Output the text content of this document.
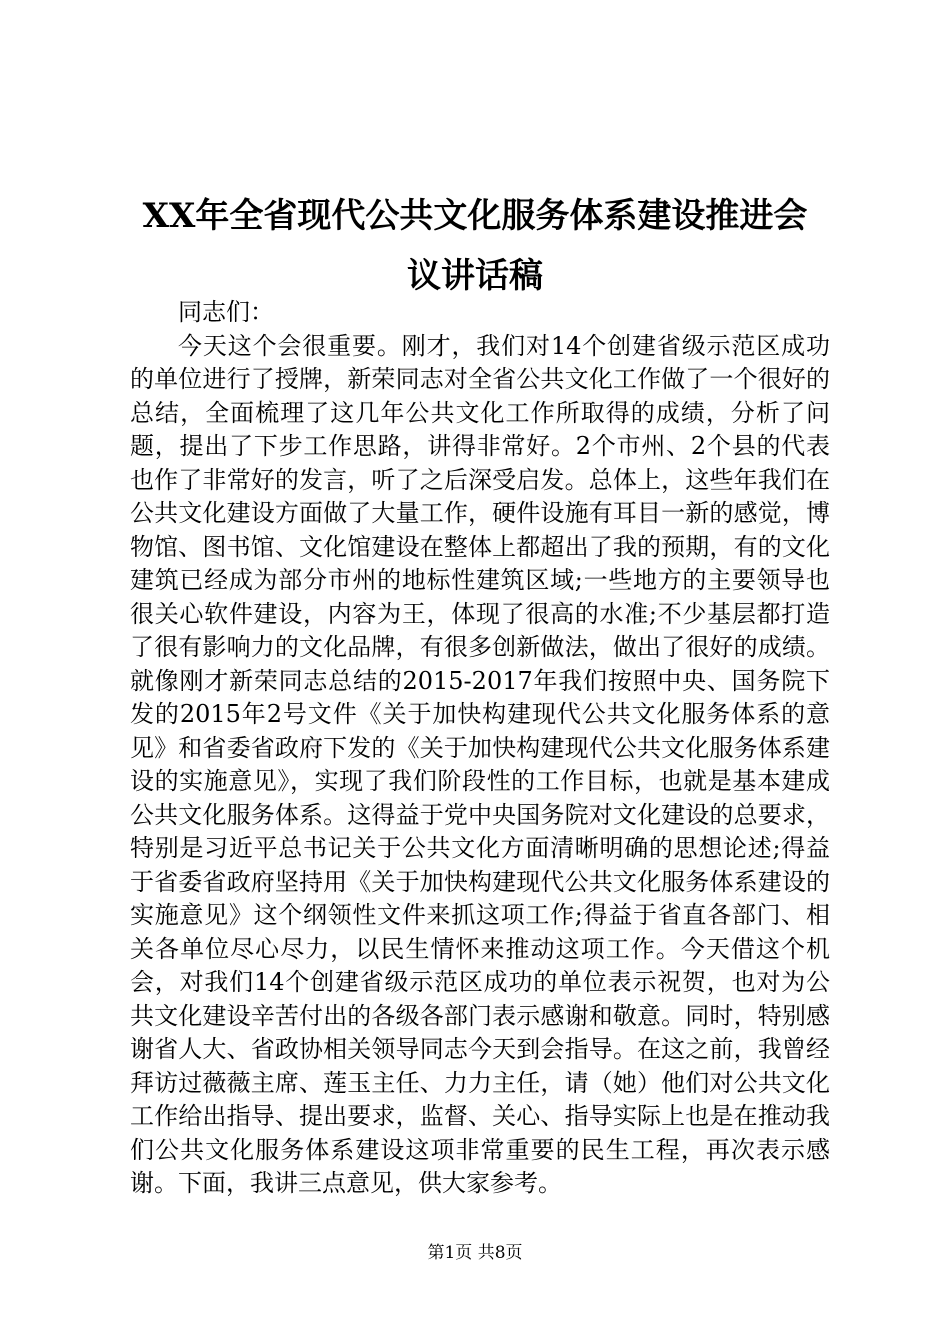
XX年全省现代公共文化服务体系建设推进会
议讲话稿

同志们：

今天这个会很重要。刚才，我们对14个创建省级示范区成功的单位进行了授牌，新荣同志对全省公共文化工作做了一个很好的总结，全面梳理了这几年公共文化工作所取得的成绩，分析了问题，提出了下步工作思路，讲得非常好。2个市州、2个县的代表也作了非常好的发言，听了之后深受启发。总体上，这些年我们在公共文化建设方面做了大量工作，硬件设施有耳目一新的感觉，博物馆、图书馆、文化馆建设在整体上都超出了我的预期，有的文化建筑已经成为部分市州的地标性建筑区域;一些地方的主要领导也很关心软件建设，内容为王，体现了很高的水准;不少基层都打造了很有影响力的文化品牌，有很多创新做法，做出了很好的成绩。就像刚才新荣同志总结的2015-2017年我们按照中央、国务院下发的2015年2号文件《关于加快构建现代公共文化服务体系的意见》和省委省政府下发的《关于加快构建现代公共文化服务体系建设的实施意见》，实现了我们阶段性的工作目标，也就是基本建成公共文化服务体系。这得益于党中央国务院对文化建设的总要求，特别是习近平总书记关于公共文化方面清晰明确的思想论述;得益于省委省政府坚持用《关于加快构建现代公共文化服务体系建设的实施意见》这个纲领性文件来抓这项工作;得益于省直各部门、相关各单位尽心尽力，以民生情怀来推动这项工作。今天借这个机会，对我们14个创建省级示范区成功的单位表示祝贺，也对为公共文化建设辛苦付出的各级各部门表示感谢和敬意。同时，特别感谢省人大、省政协相关领导同志今天到会指导。在这之前，我曾经拜访过薇薇主席、莲玉主任、力力主任，请（她）他们对公共文化工作给出指导、提出要求，监督、关心、指导实际上也是在推动我们公共文化服务体系建设这项非常重要的民生工程，再次表示感谢。下面，我讲三点意见，供大家参考。

第1页 共8页
